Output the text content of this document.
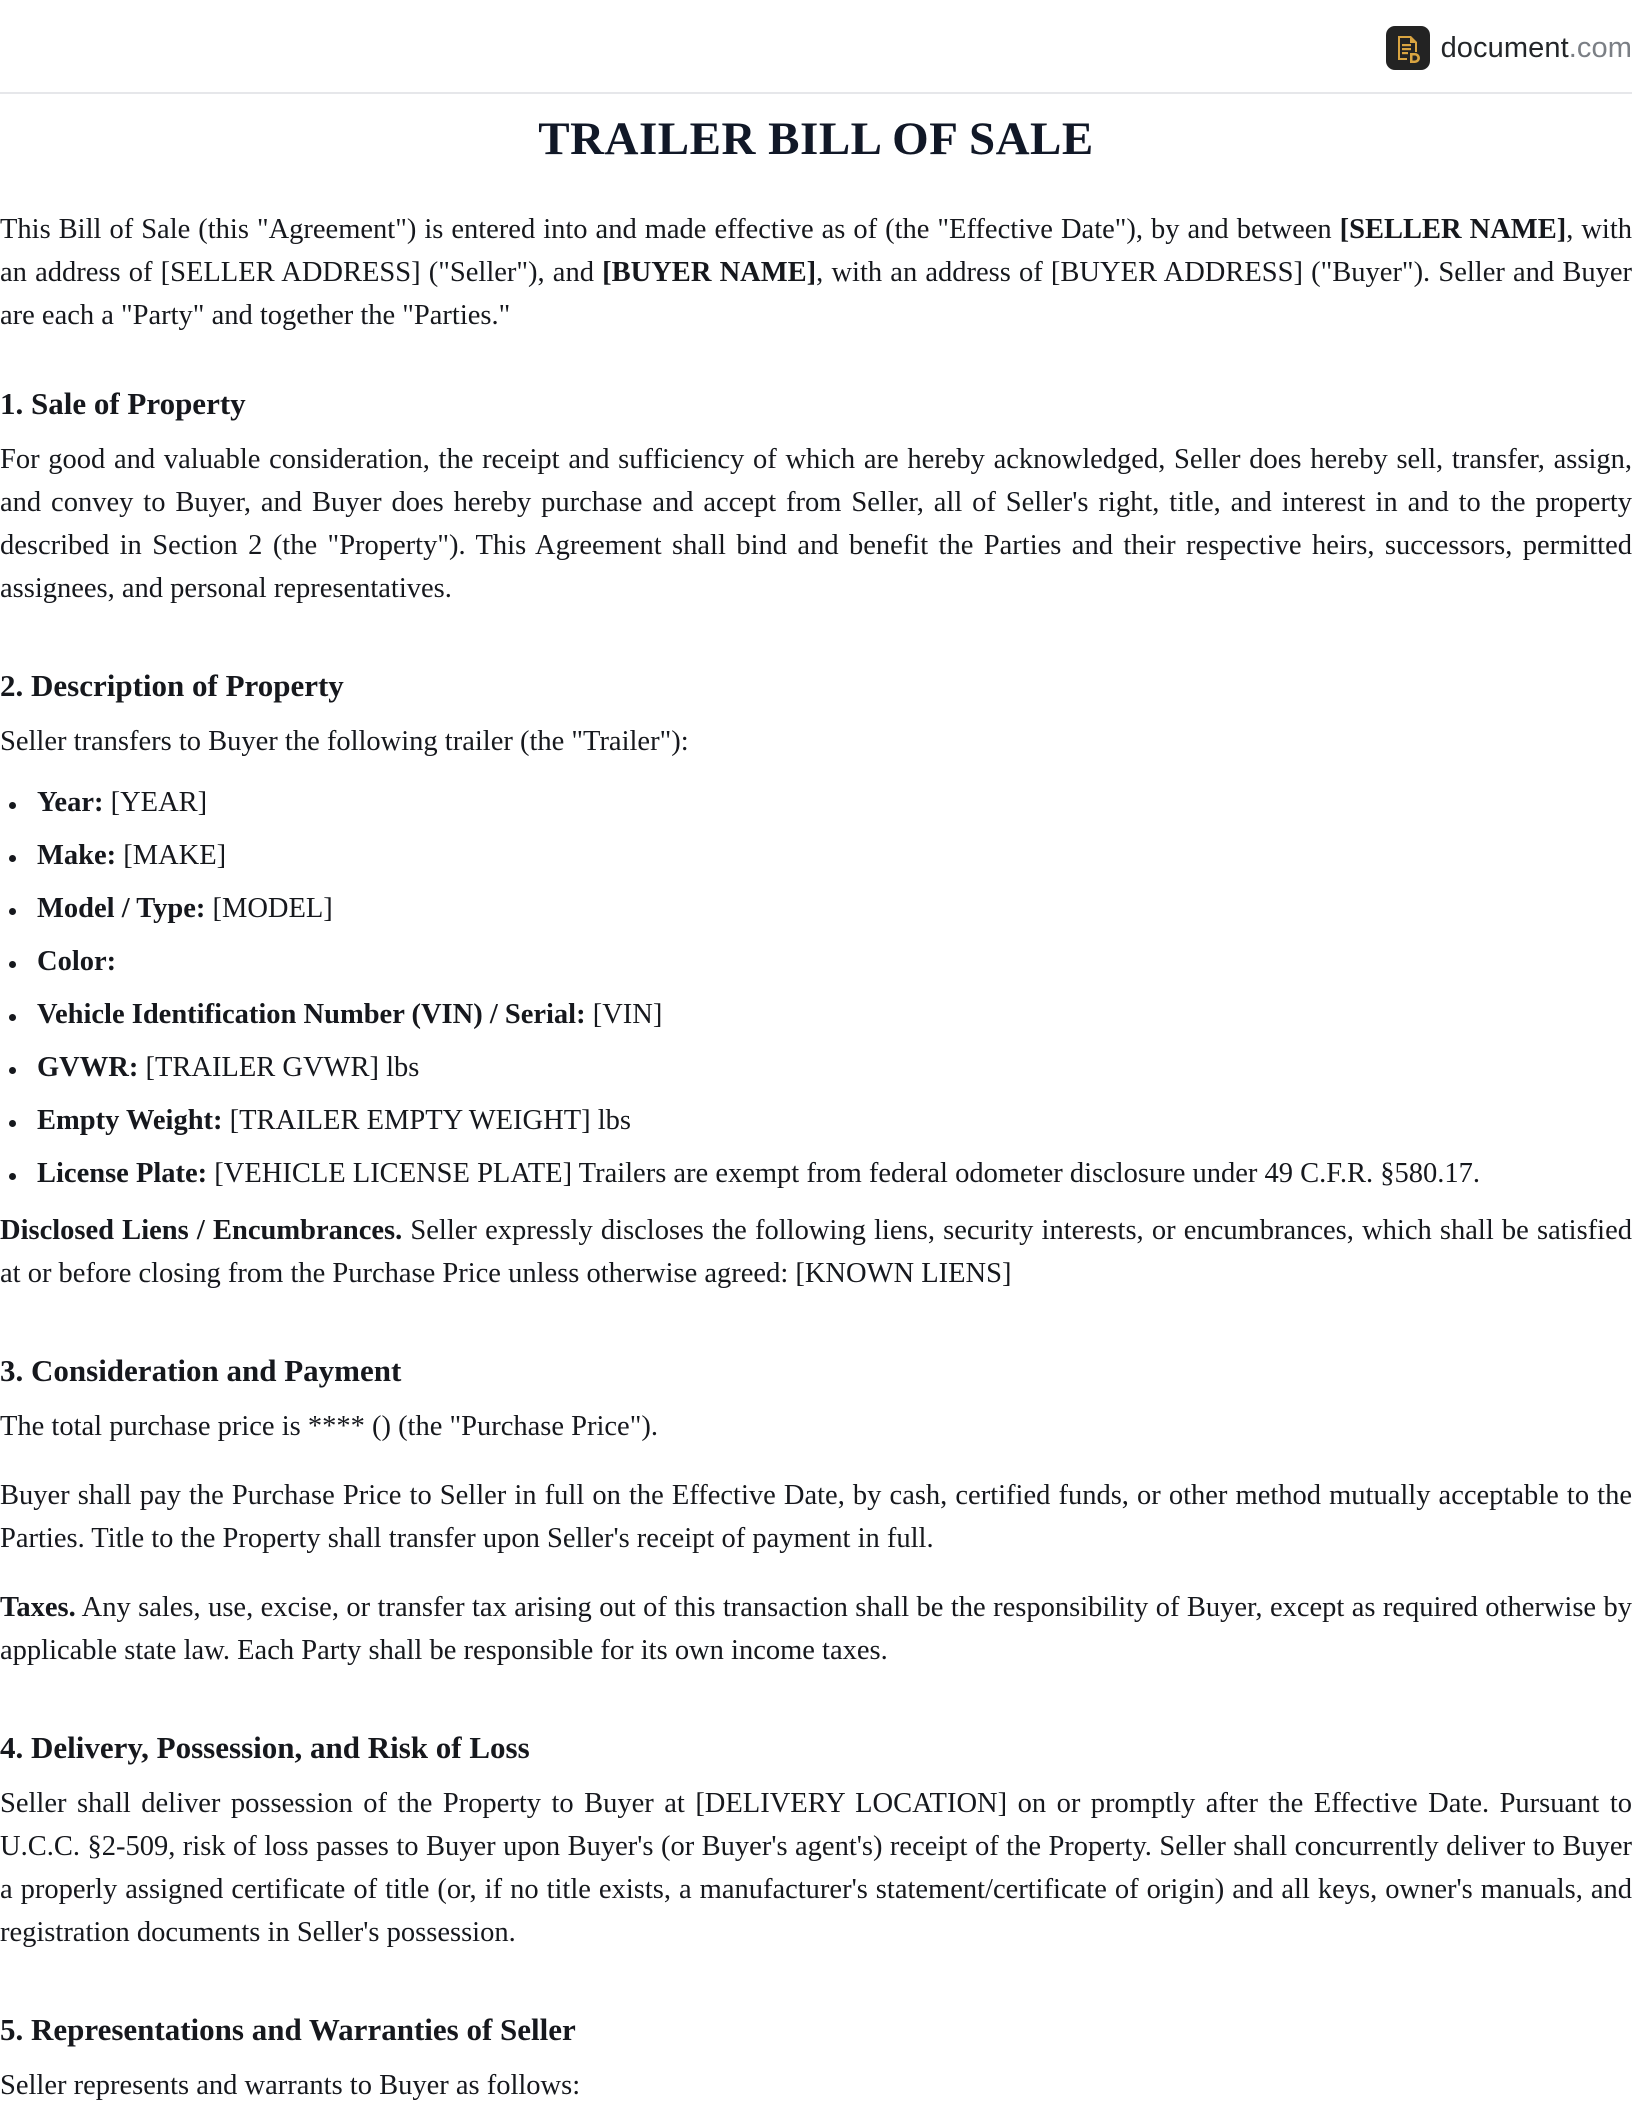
document.com
TRAILER BILL OF SALE

This Bill of Sale (this "Agreement") is entered into and made effective as of (the "Effective Date"), by and between [SELLER NAME], with an address of [SELLER ADDRESS] ("Seller"), and [BUYER NAME], with an address of [BUYER ADDRESS] ("Buyer"). Seller and Buyer are each a "Party" and together the "Parties."

1. Sale of Property

For good and valuable consideration, the receipt and sufficiency of which are hereby acknowledged, Seller does hereby sell, transfer, assign, and convey to Buyer, and Buyer does hereby purchase and accept from Seller, all of Seller's right, title, and interest in and to the property described in Section 2 (the "Property"). This Agreement shall bind and benefit the Parties and their respective heirs, successors, permitted assignees, and personal representatives.

2. Description of Property

Seller transfers to Buyer the following trailer (the "Trailer"):

Year: [YEAR]
Make: [MAKE]
Model / Type: [MODEL]
Color:
Vehicle Identification Number (VIN) / Serial: [VIN]
GVWR: [TRAILER GVWR] lbs
Empty Weight: [TRAILER EMPTY WEIGHT] lbs
License Plate: [VEHICLE LICENSE PLATE] Trailers are exempt from federal odometer disclosure under 49 C.F.R. §580.17.

Disclosed Liens / Encumbrances. Seller expressly discloses the following liens, security interests, or encumbrances, which shall be satisfied at or before closing from the Purchase Price unless otherwise agreed: [KNOWN LIENS]

3. Consideration and Payment

The total purchase price is **** () (the "Purchase Price").

Buyer shall pay the Purchase Price to Seller in full on the Effective Date, by cash, certified funds, or other method mutually acceptable to the Parties. Title to the Property shall transfer upon Seller's receipt of payment in full.

Taxes. Any sales, use, excise, or transfer tax arising out of this transaction shall be the responsibility of Buyer, except as required otherwise by applicable state law. Each Party shall be responsible for its own income taxes.

4. Delivery, Possession, and Risk of Loss

Seller shall deliver possession of the Property to Buyer at [DELIVERY LOCATION] on or promptly after the Effective Date. Pursuant to U.C.C. §2-509, risk of loss passes to Buyer upon Buyer's (or Buyer's agent's) receipt of the Property. Seller shall concurrently deliver to Buyer a properly assigned certificate of title (or, if no title exists, a manufacturer's statement/certificate of origin) and all keys, owner's manuals, and registration documents in Seller's possession.

5. Representations and Warranties of Seller

Seller represents and warrants to Buyer as follows:
